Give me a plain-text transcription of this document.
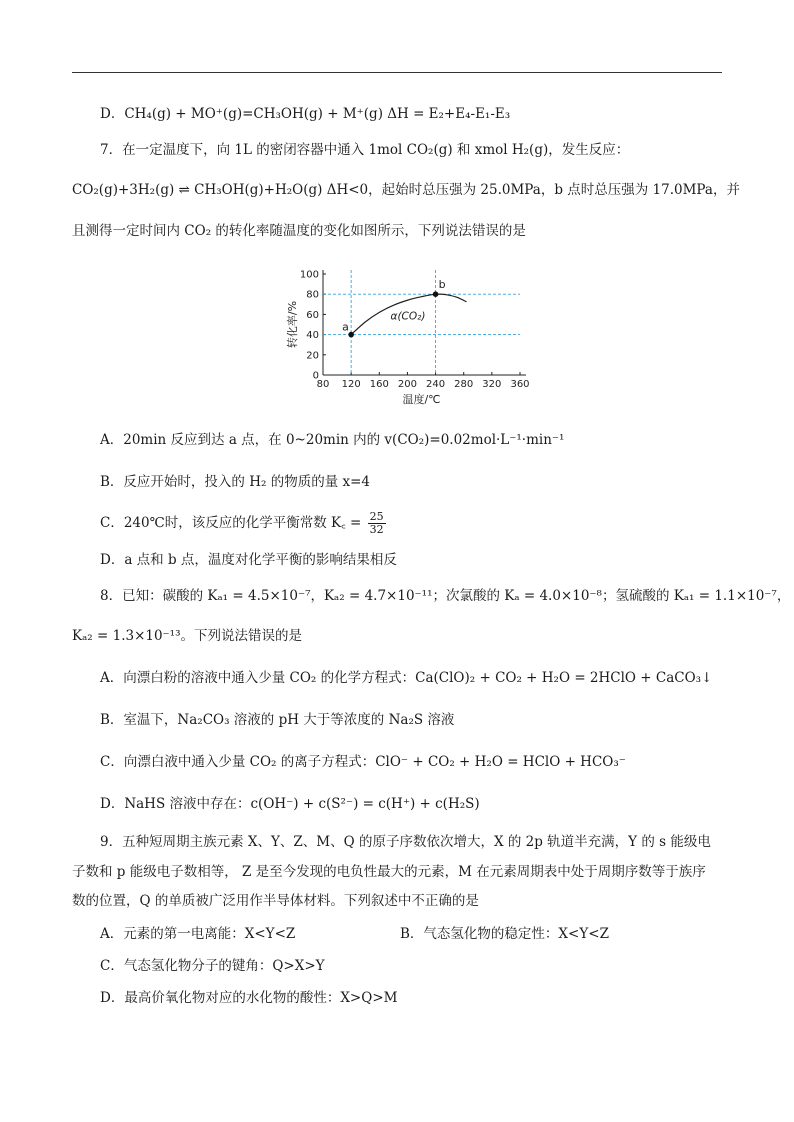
D．CH₄(g) + MO⁺(g)=CH₃OH(g) + M⁺(g) ΔH = E₂+E₄-E₁-E₃
7．在一定温度下，向 1L 的密闭容器中通入 1mol CO₂(g) 和 xmol H₂(g)，发生反应：
CO₂(g)+3H₂(g) ⇌ CH₃OH(g)+H₂O(g) ΔH<0，起始时总压强为 25.0MPa，b 点时总压强为 17.0MPa，并
且测得一定时间内 CO₂ 的转化率随温度的变化如图所示，下列说法错误的是
80 120 160 200 240 280 320 360
0
20
40
60
80
100
温度/℃
转化率/%	a
b
α(CO₂)
A．20min 反应到达 a 点，在 0~20min 内的 v(CO₂)=0.02mol·L⁻¹·min⁻¹
B．反应开始时，投入的 H₂ 的物质的量 x=4
C．240℃时，该反应的化学平衡常数 K꜀ = $\frac{25}{32}$
D．a 点和 b 点，温度对化学平衡的影响结果相反
8．已知：碳酸的 Kₐ₁ = 4.5×10⁻⁷，Kₐ₂ = 4.7×10⁻¹¹；次氯酸的 Kₐ = 4.0×10⁻⁸；氢硫酸的 Kₐ₁ = 1.1×10⁻⁷，
Kₐ₂ = 1.3×10⁻¹³。下列说法错误的是
A．向漂白粉的溶液中通入少量 CO₂ 的化学方程式：Ca(ClO)₂ + CO₂ + H₂O = 2HClO + CaCO₃↓
B．室温下，Na₂CO₃ 溶液的 pH 大于等浓度的 Na₂S 溶液
C．向漂白液中通入少量 CO₂ 的离子方程式：ClO⁻ + CO₂ + H₂O = HClO + HCO₃⁻
D．NaHS 溶液中存在：c(OH⁻) + c(S²⁻) = c(H⁺) + c(H₂S)
9．五种短周期主族元素 X、Y、Z、M、Q 的原子序数依次增大，X 的 2p 轨道半充满，Y 的 s 能级电
子数和 p 能级电子数相等， Z 是至今发现的电负性最大的元素，M 在元素周期表中处于周期序数等于族序
数的位置，Q 的单质被广泛用作半导体材料。下列叙述中不正确的是
A．元素的第一电离能：X<Y<Z	B．气态氢化物的稳定性：X<Y<Z
C．气态氢化物分子的键角：Q>X>Y
D．最高价氧化物对应的水化物的酸性：X>Q>M
